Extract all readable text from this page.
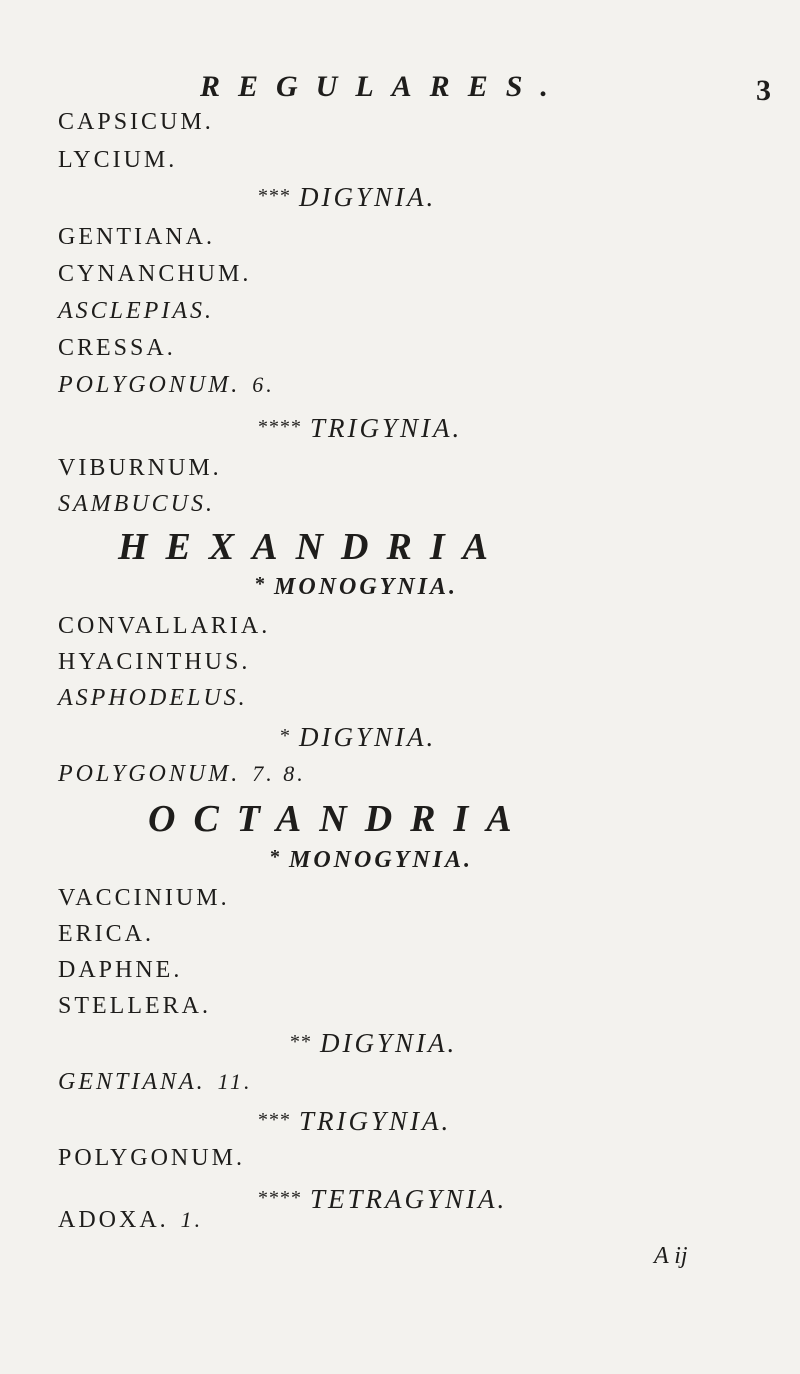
REGULARES.	3
CAPSICUM.
LYCIUM.
*** DIGYNIA.
GENTIANA.
CYNANCHUM.
ASCLEPIAS.
CRESSA.
POLYGONUM. 6.
**** TRIGYNIA.
VIBURNUM.
SAMBUCUS.
HEXANDRIA
* MONOGYNIA.
CONVALLARIA.
HYACINTHUS.
ASPHODELUS.
* DIGYNIA.
POLYGONUM. 7. 8.
OCTANDRIA
* MONOGYNIA.
VACCINIUM.
ERICA.
DAPHNE.
STELLERA.
** DIGYNIA.
GENTIANA. 11.
*** TRIGYNIA.
POLYGONUM.
**** TETRAGYNIA.
ADOXA. 1.
A ij
